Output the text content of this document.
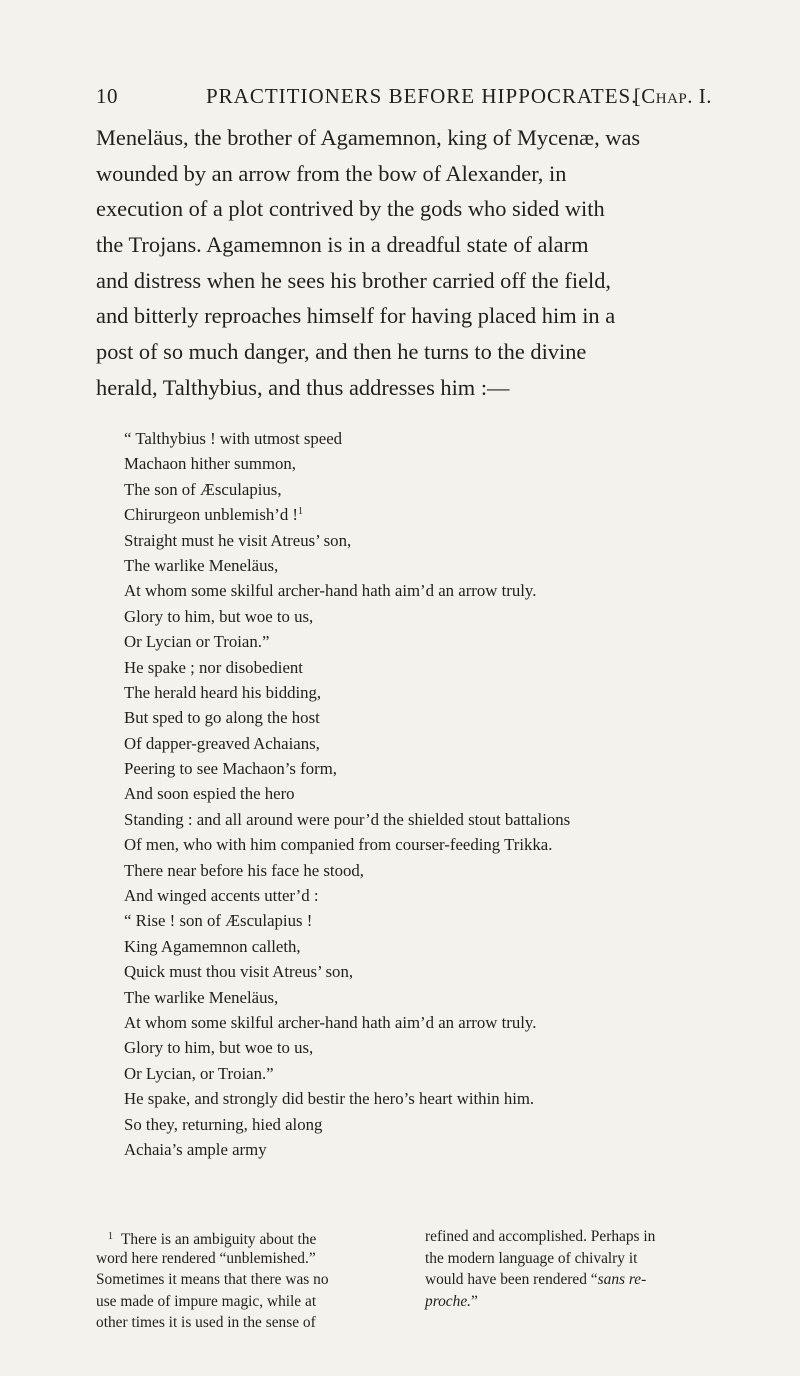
10	PRACTITIONERS BEFORE HIPPOCRATES.
[Chap. I.
Meneläus, the brother of Agamemnon, king of Mycenæ, was
wounded by an arrow from the bow of Alexander, in
execution of a plot contrived by the gods who sided with
the Trojans. Agamemnon is in a dreadful state of alarm
and distress when he sees his brother carried off the field,
and bitterly reproaches himself for having placed him in a
post of so much danger, and then he turns to the divine
herald, Talthybius, and thus addresses him :—
“ Talthybius ! with utmost speed
Machaon hither summon,
The son of Æsculapius,
Chirurgeon unblemish’d !$^1$
Straight must he visit Atreus’ son,
The warlike Meneläus,
At whom some skilful archer-hand hath aim’d an arrow truly.
Glory to him, but woe to us,
Or Lycian or Troian.”
He spake ; nor disobedient
The herald heard his bidding,
But sped to go along the host
Of dapper-greaved Achaians,
Peering to see Machaon’s form,
And soon espied the hero
Standing : and all around were pour’d the shielded stout battalions
Of men, who with him companied from courser-feeding Trikka.
There near before his face he stood,
And winged accents utter’d :
“ Rise ! son of Æsculapius !
King Agamemnon calleth,
Quick must thou visit Atreus’ son,
The warlike Meneläus,
At whom some skilful archer-hand hath aim’d an arrow truly.
Glory to him, but woe to us,
Or Lycian, or Troian.”
He spake, and strongly did bestir the hero’s heart within him.
So they, returning, hied along
Achaia’s ample army
$^1$ There is an ambiguity about the
word here rendered “unblemished.”
Sometimes it means that there was no
use made of impure magic, while at
other times it is used in the sense of
refined and accomplished. Perhaps in
the modern language of chivalry it
would have been rendered “sans re-
proche.”
